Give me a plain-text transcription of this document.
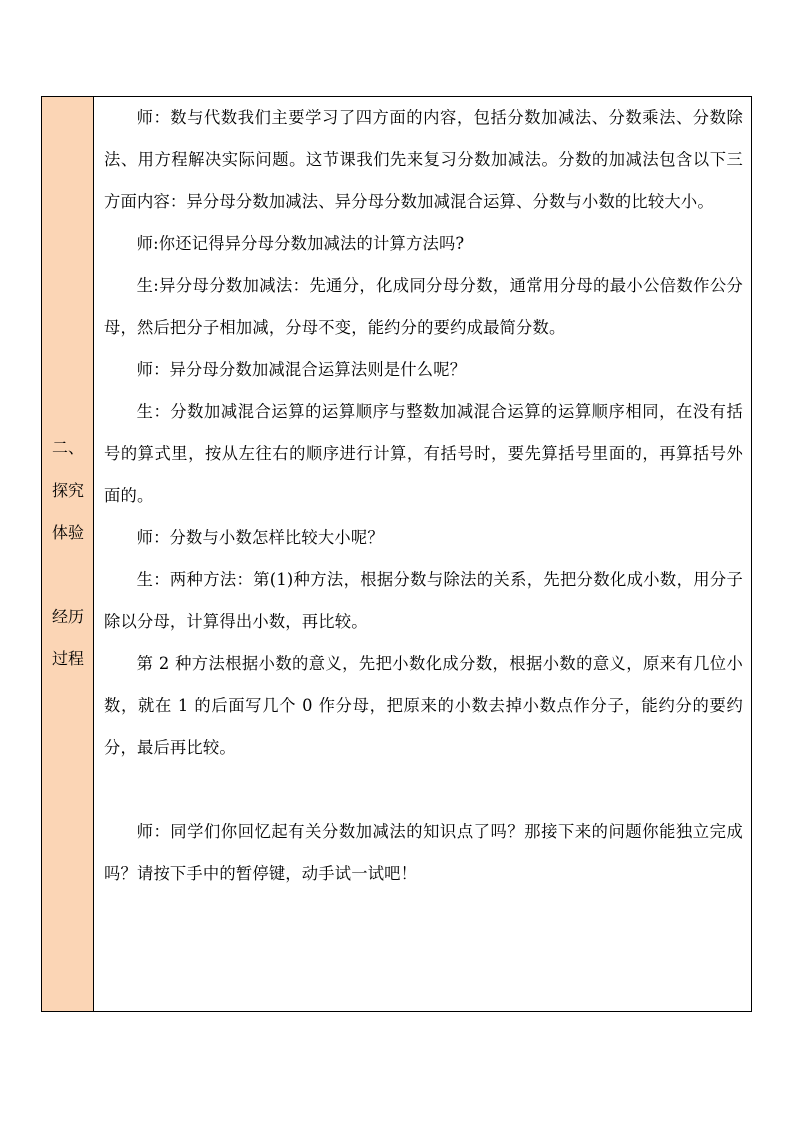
二、
探究
体验
经历
过程

师：数与代数我们主要学习了四方面的内容，包括分数加减法、分数乘法、分数除法、用方程解决实际问题。这节课我们先来复习分数加减法。分数的加减法包含以下三方面内容：异分母分数加减法、异分母分数加减混合运算、分数与小数的比较大小。

师:你还记得异分母分数加减法的计算方法吗?

生:异分母分数加减法：先通分，化成同分母分数，通常用分母的最小公倍数作公分母，然后把分子相加减，分母不变，能约分的要约成最简分数。

师：异分母分数加减混合运算法则是什么呢？

生：分数加减混合运算的运算顺序与整数加减混合运算的运算顺序相同，在没有括号的算式里，按从左往右的顺序进行计算，有括号时，要先算括号里面的，再算括号外面的。

师：分数与小数怎样比较大小呢？

生：两种方法：第(1)种方法，根据分数与除法的关系，先把分数化成小数，用分子除以分母，计算得出小数，再比较。

第 2 种方法根据小数的意义，先把小数化成分数，根据小数的意义，原来有几位小数，就在 1 的后面写几个 0 作分母，把原来的小数去掉小数点作分子，能约分的要约分，最后再比较。

师：同学们你回忆起有关分数加减法的知识点了吗？那接下来的问题你能独立完成吗？请按下手中的暂停键，动手试一试吧！
